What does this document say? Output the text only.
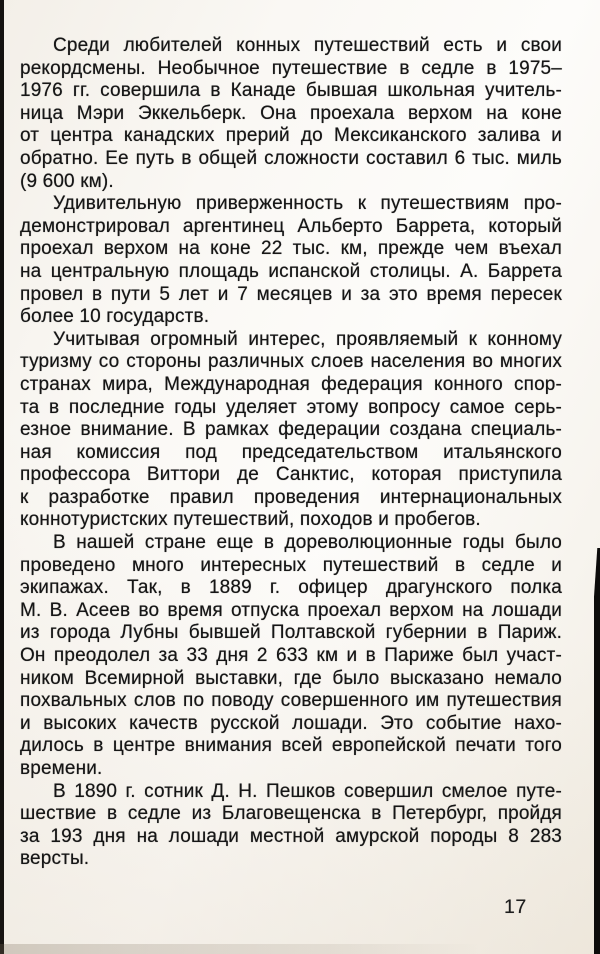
Среди любителей конных путешествий есть и свои
рекордсмены. Необычное путешествие в седле в 1975–
1976 гг. совершила в Канаде бывшая школьная учитель-
ница Мэри Эккельберк. Она проехала верхом на коне
от центра канадских прерий до Мексиканского залива и
обратно. Ее путь в общей сложности составил 6 тыс. миль
(9 600 км).
Удивительную приверженность к путешествиям про-
демонстрировал аргентинец Альберто Баррета, который
проехал верхом на коне 22 тыс. км, прежде чем въехал
на центральную площадь испанской столицы. А. Баррета
провел в пути 5 лет и 7 месяцев и за это время пересек
более 10 государств.
Учитывая огромный интерес, проявляемый к конному
туризму со стороны различных слоев населения во многих
странах мира, Международная федерация конного спор-
та в последние годы уделяет этому вопросу самое серь-
езное внимание. В рамках федерации создана специаль-
ная комиссия под председательством итальянского
профессора Виттори де Санктис, которая приступила
к разработке правил проведения интернациональных
коннотуристских путешествий, походов и пробегов.
В нашей стране еще в дореволюционные годы было
проведено много интересных путешествий в седле и
экипажах. Так, в 1889 г. офицер драгунского полка
М. В. Асеев во время отпуска проехал верхом на лошади
из города Лубны бывшей Полтавской губернии в Париж.
Он преодолел за 33 дня 2 633 км и в Париже был участ-
ником Всемирной выставки, где было высказано немало
похвальных слов по поводу совершенного им путешествия
и высоких качеств русской лошади. Это событие нахо-
дилось в центре внимания всей европейской печати того
времени.
В 1890 г. сотник Д. Н. Пешков совершил смелое путе-
шествие в седле из Благовещенска в Петербург, пройдя
за 193 дня на лошади местной амурской породы 8 283
версты.
17
